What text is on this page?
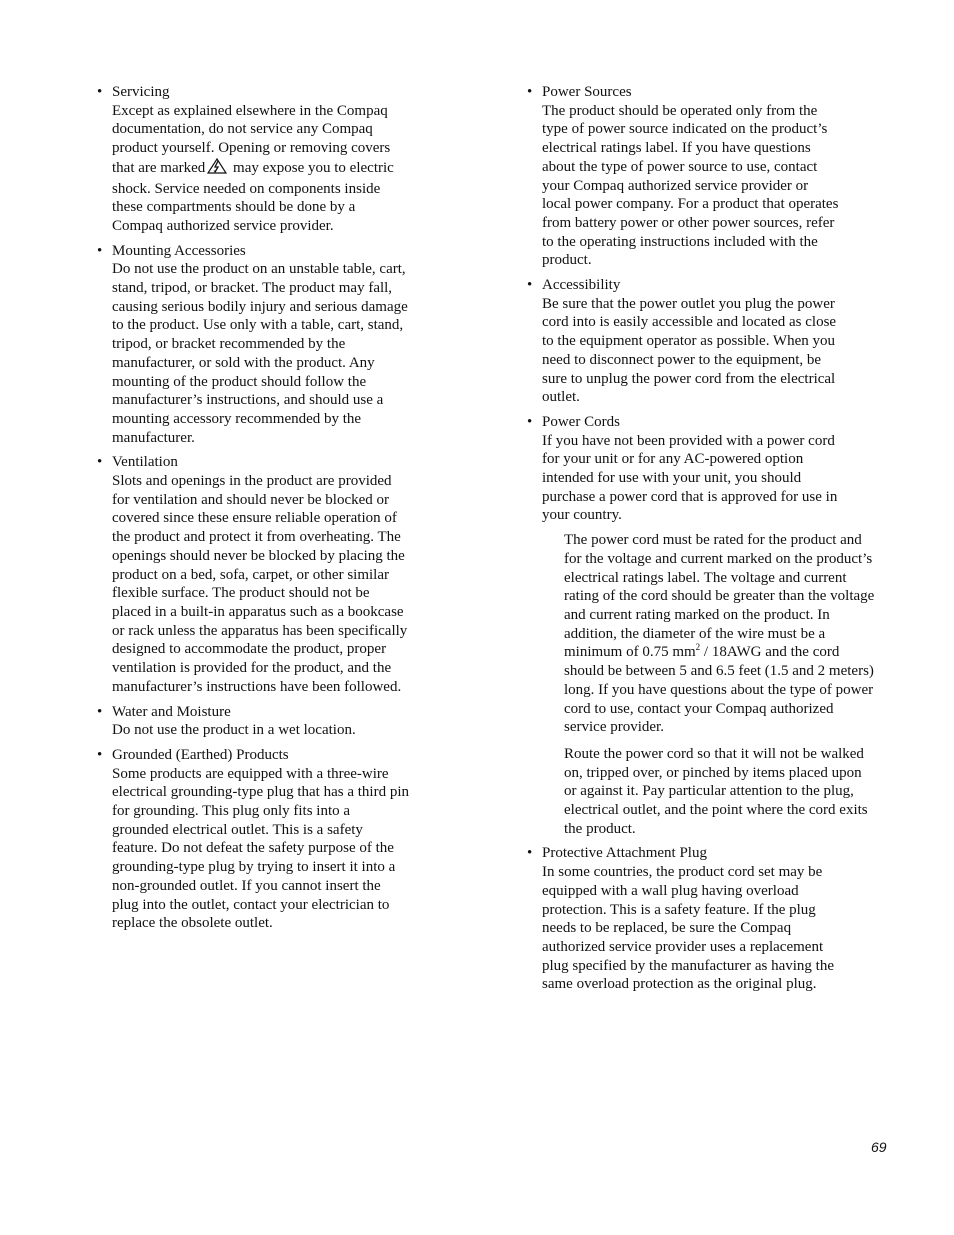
• Servicing
Except as explained elsewhere in the Compaq
documentation, do not service any Compaq
product yourself. Opening or removing covers
that are marked may expose you to electric
shock. Service needed on components inside
these compartments should be done by a
Compaq authorized service provider.
• Mounting Accessories
Do not use the product on an unstable table, cart,
stand, tripod, or bracket. The product may fall,
causing serious bodily injury and serious damage
to the product. Use only with a table, cart, stand,
tripod, or bracket recommended by the
manufacturer, or sold with the product. Any
mounting of the product should follow the
manufacturer’s instructions, and should use a
mounting accessory recommended by the
manufacturer.
• Ventilation
Slots and openings in the product are provided
for ventilation and should never be blocked or
covered since these ensure reliable operation of
the product and protect it from overheating. The
openings should never be blocked by placing the
product on a bed, sofa, carpet, or other similar
flexible surface. The product should not be
placed in a built-in apparatus such as a bookcase
or rack unless the apparatus has been specifically
designed to accommodate the product, proper
ventilation is provided for the product, and the
manufacturer’s instructions have been followed.
• Water and Moisture
Do not use the product in a wet location.
• Grounded (Earthed) Products
Some products are equipped with a three-wire
electrical grounding-type plug that has a third pin
for grounding. This plug only fits into a
grounded electrical outlet. This is a safety
feature. Do not defeat the safety purpose of the
grounding-type plug by trying to insert it into a
non-grounded outlet. If you cannot insert the
plug into the outlet, contact your electrician to
replace the obsolete outlet.
• Power Sources
The product should be operated only from the
type of power source indicated on the product’s
electrical ratings label. If you have questions
about the type of power source to use, contact
your Compaq authorized service provider or
local power company. For a product that operates
from battery power or other power sources, refer
to the operating instructions included with the
product.
• Accessibility
Be sure that the power outlet you plug the power
cord into is easily accessible and located as close
to the equipment operator as possible. When you
need to disconnect power to the equipment, be
sure to unplug the power cord from the electrical
outlet.
• Power Cords
If you have not been provided with a power cord
for your unit or for any AC-powered option
intended for use with your unit, you should
purchase a power cord that is approved for use in
your country.
The power cord must be rated for the product and for the voltage and current marked on the product’s electrical ratings label. The voltage and current rating of the cord should be greater than the voltage and current rating marked on the product. In addition, the diameter of the wire must be a minimum of 0.75 $mm^2 / 18AWG$ and the cord should be between 5 and 6.5 feet (1.5 and 2 meters) long. If you have questions about the type of power cord to use, contact your Compaq authorized service provider.
Route the power cord so that it will not be walked on, tripped over, or pinched by items placed upon or against it. Pay particular attention to the plug, electrical outlet, and the point where the cord exits the product.
• Protective Attachment Plug
In some countries, the product cord set may be
equipped with a wall plug having overload
protection. This is a safety feature. If the plug
needs to be replaced, be sure the Compaq
authorized service provider uses a replacement
plug specified by the manufacturer as having the
same overload protection as the original plug.
69
